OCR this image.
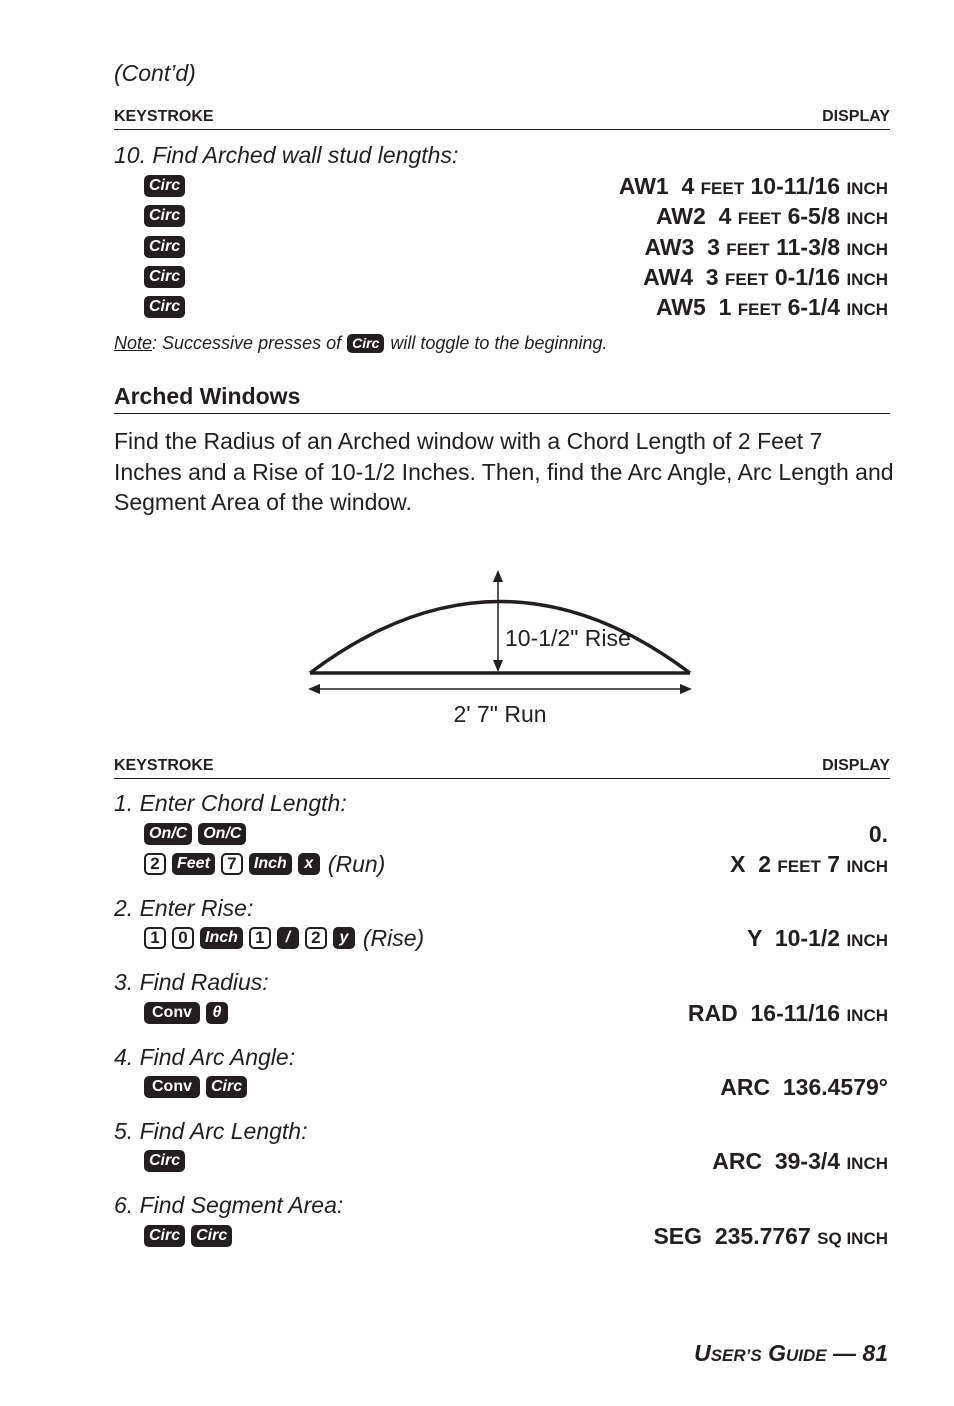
(Cont’d)
KEYSTROKE	DISPLAY
10. Find Arched wall stud lengths:
Circ	AW1 4 FEET 10-11/16 INCH
Circ	AW2 4 FEET 6-5/8 INCH
Circ	AW3 3 FEET 11-3/8 INCH
Circ	AW4 3 FEET 0-1/16 INCH
Circ	AW5 1 FEET 6-1/4 INCH
Note: Successive presses of Circ will toggle to the beginning.
Arched Windows
Find the Radius of an Arched window with a Chord Length of 2 Feet 7 Inches and a Rise of 10-1/2 Inches. Then, find the Arc Angle, Arc Length and Segment Area of the window.
10-1/2" Rise
2' 7" Run
KEYSTROKE	DISPLAY
1. Enter Chord Length:
On/C	On/C	0.
2	Feet	7	Inch	x (Run)	X  2 FEET 7 INCH
2. Enter Rise:
1	0	Inch	1	/	2	y (Rise)	Y  10-1/2 INCH
3. Find Radius:
Conv	θ	RAD  16-11/16 INCH
4. Find Arc Angle:
Conv	Circ	ARC  136.4579°
5. Find Arc Length:
Circ	ARC  39-3/4 INCH
6. Find Segment Area:
Circ	Circ	SEG  235.7767 SQ INCH
USER’S GUIDE — 81
